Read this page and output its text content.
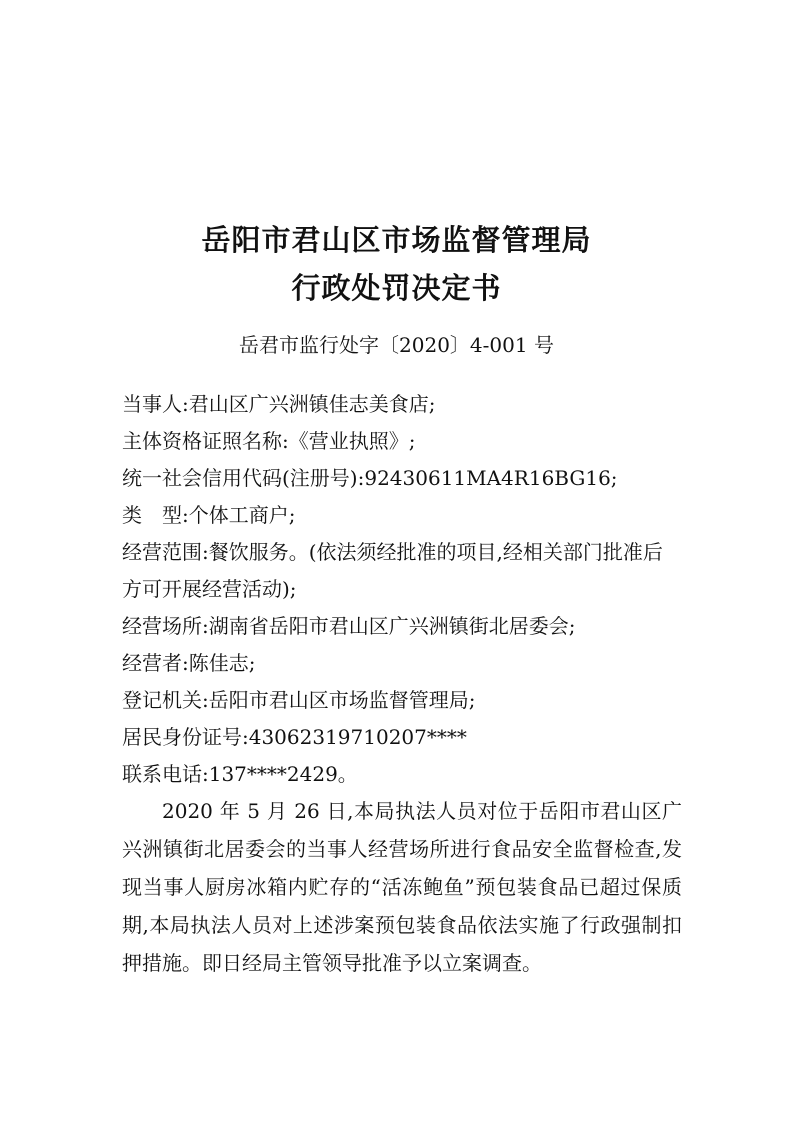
岳阳市君山区市场监督管理局
行政处罚决定书
岳君市监行处字〔2020〕4-001 号
当事人:君山区广兴洲镇佳志美食店;
主体资格证照名称:《营业执照》;
统一社会信用代码(注册号):92430611MA4R16BG16;
类　型:个体工商户;
经营范围:餐饮服务。(依法须经批准的项目,经相关部门批准后方可开展经营活动);
经营场所:湖南省岳阳市君山区广兴洲镇街北居委会;
经营者:陈佳志;
登记机关:岳阳市君山区市场监督管理局;
居民身份证号:43062319710207****
联系电话:137****2429。

2020 年 5 月 26 日,本局执法人员对位于岳阳市君山区广兴洲镇街北居委会的当事人经营场所进行食品安全监督检查,发现当事人厨房冰箱内贮存的“活冻鲍鱼”预包装食品已超过保质期,本局执法人员对上述涉案预包装食品依法实施了行政强制扣押措施。即日经局主管领导批准予以立案调查。
